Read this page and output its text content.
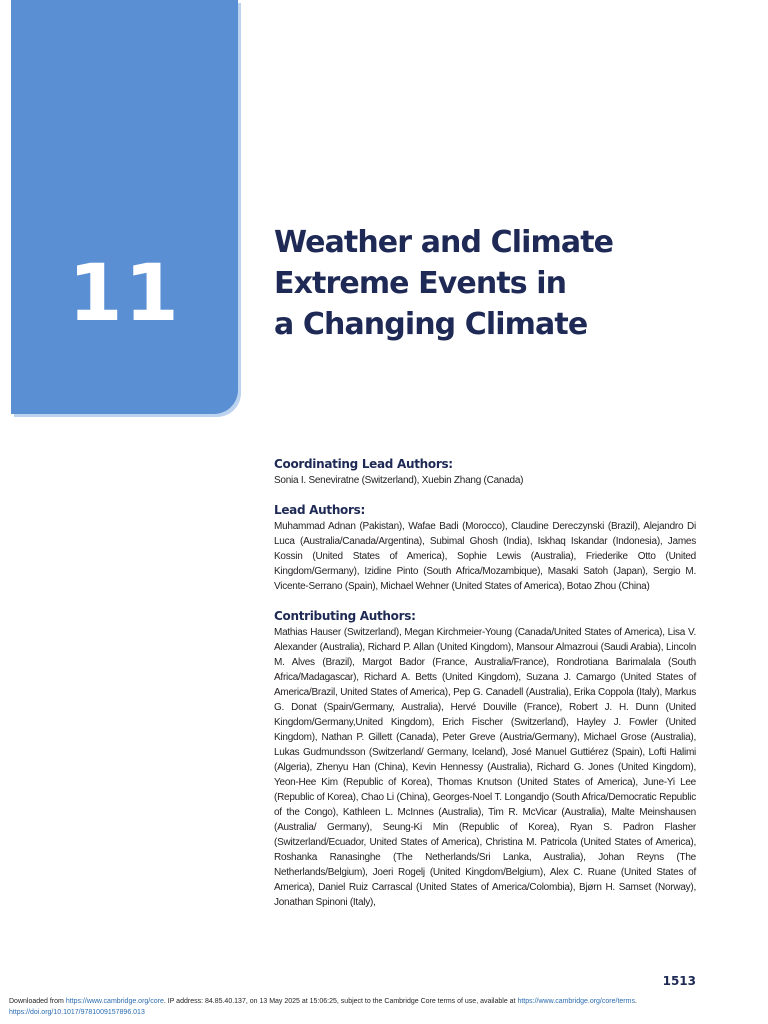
11
Weather and Climate
Extreme Events in
a Changing Climate

Coordinating Lead Authors:

Sonia I. Seneviratne (Switzerland), Xuebin Zhang (Canada)

Lead Authors:

Muhammad Adnan (Pakistan), Wafae Badi (Morocco), Claudine Dereczynski (Brazil), Alejandro Di Luca (Australia/Canada/Argentina), Subimal Ghosh (India), Iskhaq Iskandar (Indonesia), James Kossin (United States of America), Sophie Lewis (Australia), Friederike Otto (United Kingdom/Germany), Izidine Pinto (South Africa/Mozambique), Masaki Satoh (Japan), Sergio M. Vicente-Serrano (Spain), Michael Wehner (United States of America), Botao Zhou (China)

Contributing Authors:

Mathias Hauser (Switzerland), Megan Kirchmeier-Young (Canada/United States of America), Lisa V. Alexander (Australia), Richard P. Allan (United Kingdom), Mansour Almazroui (Saudi Arabia), Lincoln M. Alves (Brazil), Margot Bador (France, Australia/France), Rondrotiana Barimalala (South Africa/Madagascar), Richard A. Betts (United Kingdom), Suzana J. Camargo (United States of America/Brazil, United States of America), Pep G. Canadell (Australia), Erika Coppola (Italy), Markus G. Donat (Spain/Germany, Australia), Hervé Douville (France), Robert J. H. Dunn (United Kingdom/Germany,United Kingdom), Erich Fischer (Switzerland), Hayley J. Fowler (United Kingdom), Nathan P. Gillett (Canada), Peter Greve (Austria/Germany), Michael Grose (Australia), Lukas Gudmundsson (Switzerland/ Germany, Iceland), José Manuel Guttiérez (Spain), Lofti Halimi (Algeria), Zhenyu Han (China), Kevin Hennessy (Australia), Richard G. Jones (United Kingdom), Yeon-Hee Kim (Republic of Korea), Thomas Knutson (United States of America), June-Yi Lee (Republic of Korea), Chao Li (China), Georges-Noel T. Longandjo (South Africa/Democratic Republic of the Congo), Kathleen L. McInnes (Australia), Tim R. McVicar (Australia), Malte Meinshausen (Australia/ Germany), Seung-Ki Min (Republic of Korea), Ryan S. Padron Flasher (Switzerland/Ecuador, United States of America), Christina M. Patricola (United States of America), Roshanka Ranasinghe (The Netherlands/Sri Lanka, Australia), Johan Reyns (The Netherlands/Belgium), Joeri Rogelj (United Kingdom/Belgium), Alex C. Ruane (United States of America), Daniel Ruiz Carrascal (United States of America/Colombia), Bjørn H. Samset (Norway), Jonathan Spinoni (Italy),

1513
Downloaded from https://www.cambridge.org/core. IP address: 84.85.40.137, on 13 May 2025 at 15:06:25, subject to the Cambridge Core terms of use, available at https://www.cambridge.org/core/terms.
https://doi.org/10.1017/9781009157896.013
